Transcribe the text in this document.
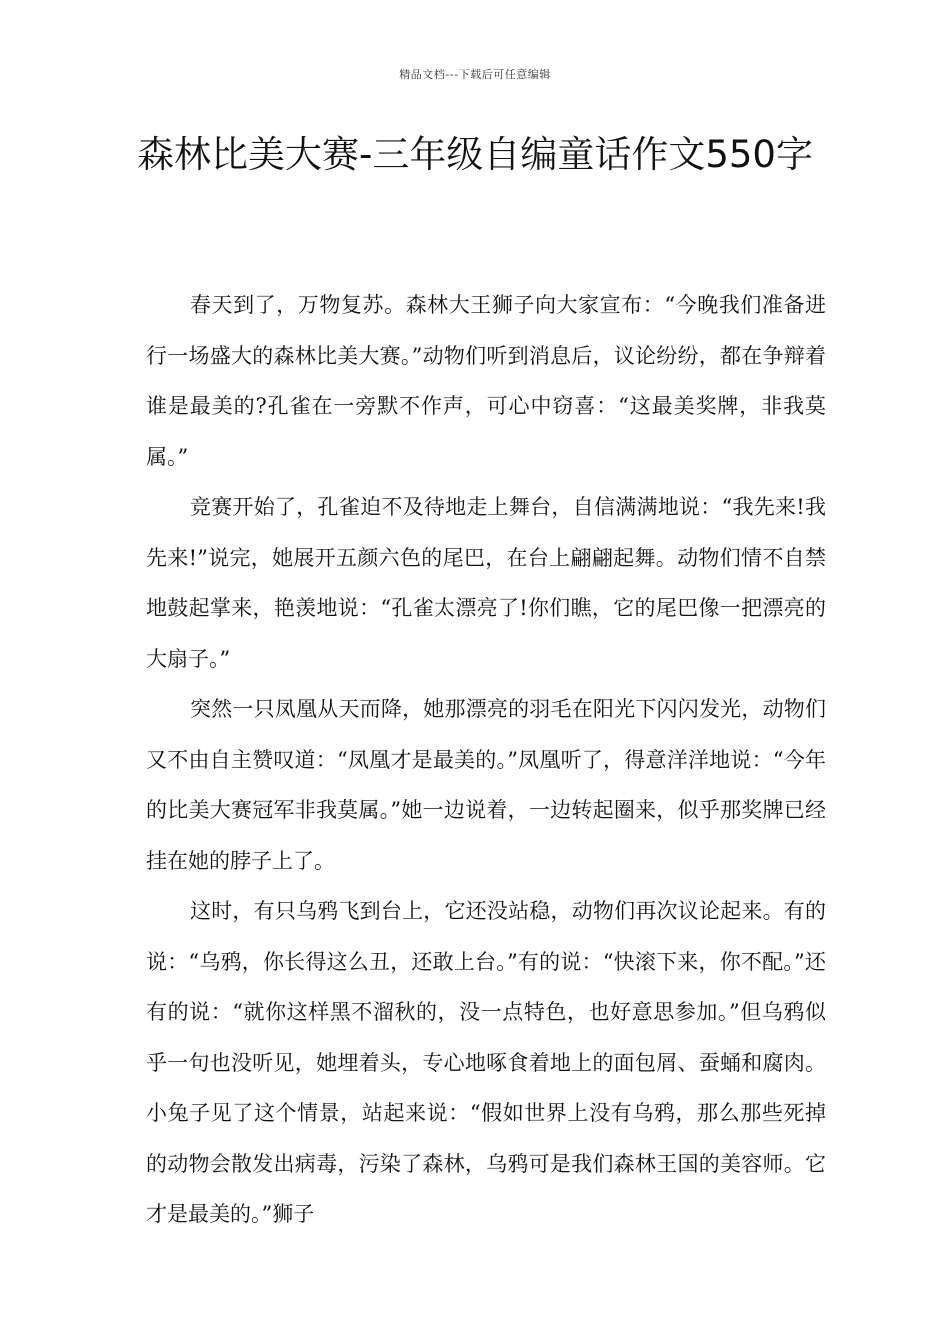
精品文档---下载后可任意编辑
森林比美大赛-三年级自编童话作文550字

春天到了，万物复苏。森林大王狮子向大家宣布：“今晚我们准备进行一场盛大的森林比美大赛。”动物们听到消息后，议论纷纷，都在争辩着谁是最美的?孔雀在一旁默不作声，可心中窃喜：“这最美奖牌，非我莫属。”

竞赛开始了，孔雀迫不及待地走上舞台，自信满满地说：“我先来!我先来!”说完，她展开五颜六色的尾巴，在台上翩翩起舞。动物们情不自禁地鼓起掌来，艳羡地说：“孔雀太漂亮了!你们瞧，它的尾巴像一把漂亮的大扇子。”

突然一只凤凰从天而降，她那漂亮的羽毛在阳光下闪闪发光，动物们又不由自主赞叹道：“凤凰才是最美的。”凤凰听了，得意洋洋地说：“今年的比美大赛冠军非我莫属。”她一边说着，一边转起圈来，似乎那奖牌已经挂在她的脖子上了。

这时，有只乌鸦飞到台上，它还没站稳，动物们再次议论起来。有的说：“乌鸦，你长得这么丑，还敢上台。”有的说：“快滚下来，你不配。”还有的说：“就你这样黑不溜秋的，没一点特色，也好意思参加。”但乌鸦似乎一句也没听见，她埋着头，专心地啄食着地上的面包屑、蚕蛹和腐肉。小兔子见了这个情景，站起来说：“假如世界上没有乌鸦，那么那些死掉的动物会散发出病毒，污染了森林，乌鸦可是我们森林王国的美容师。它才是最美的。”狮子
